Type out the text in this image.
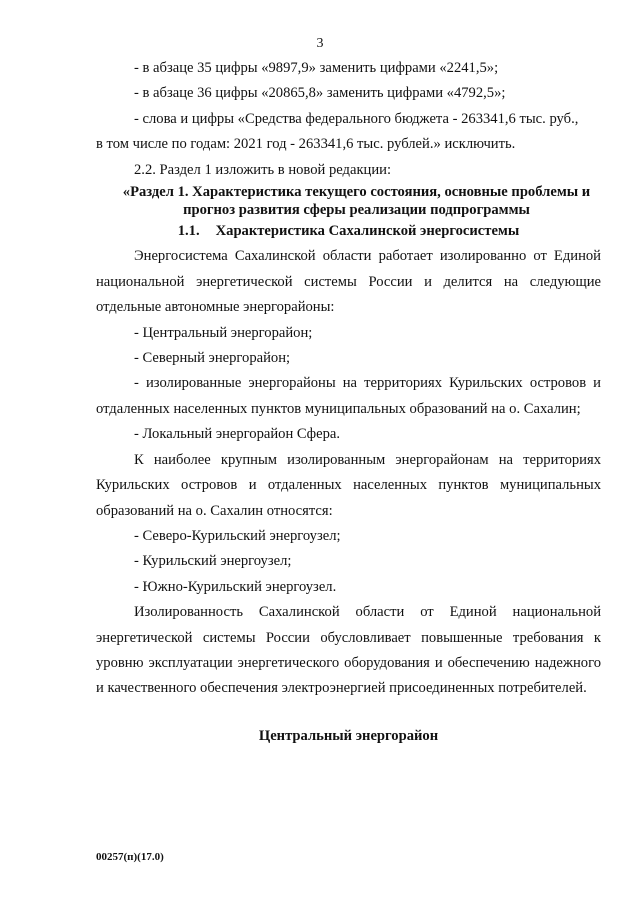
3

- в абзаце 35 цифры «9897,9» заменить цифрами «2241,5»;

- в абзаце 36 цифры «20865,8» заменить цифрами «4792,5»;

- слова и цифры «Средства федерального бюджета - 263341,6 тыс. руб.,

в том числе по годам: 2021 год - 263341,6 тыс. рублей.» исключить.

2.2. Раздел 1 изложить в новой редакции:

«Раздел 1. Характеристика текущего состояния, основные проблемы и прогноз развития сферы реализации подпрограммы

1.1. Характеристика Сахалинской энергосистемы

Энергосистема Сахалинской области работает изолированно от Единой национальной энергетической системы России и делится на следующие отдельные автономные энергорайоны:

- Центральный энергорайон;

- Северный энергорайон;

- изолированные энергорайоны на территориях Курильских островов и отдаленных населенных пунктов муниципальных образований на о. Сахалин;

- Локальный энергорайон Сфера.

К наиболее крупным изолированным энергорайонам на территориях Курильских островов и отдаленных населенных пунктов муниципальных образований на о. Сахалин относятся:

- Северо-Курильский энергоузел;

- Курильский энергоузел;

- Южно-Курильский энергоузел.

Изолированность Сахалинской области от Единой национальной энергетической системы России обусловливает повышенные требования к уровню эксплуатации энергетического оборудования и обеспечению надежного и качественного обеспечения электроэнергией присоединенных потребителей.

Центральный энергорайон

00257(п)(17.0)
